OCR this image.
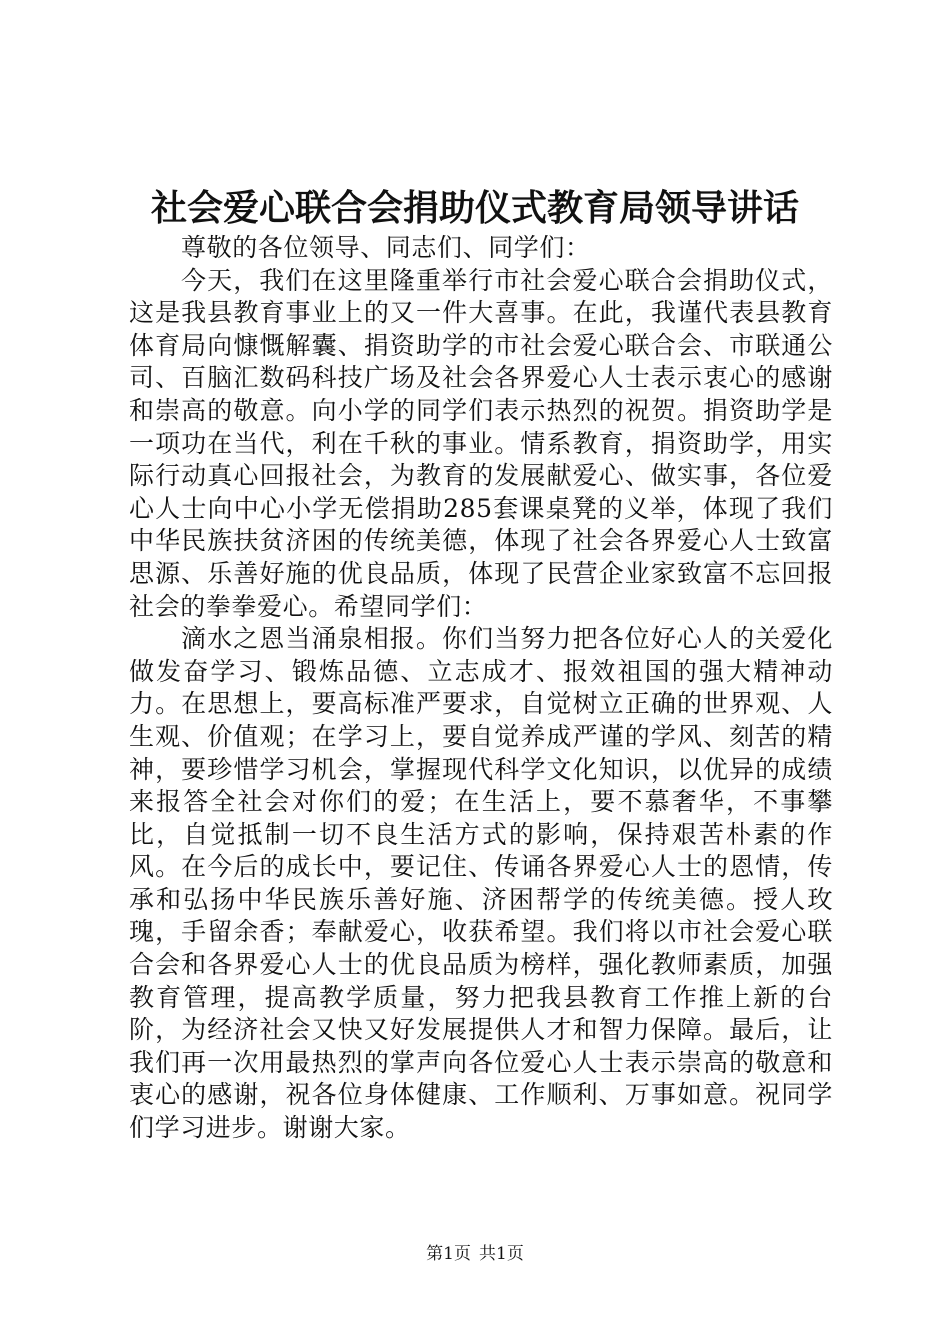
社会爱心联合会捐助仪式教育局领导讲话

尊敬的各位领导、同志们、同学们：

今天，我们在这里隆重举行市社会爱心联合会捐助仪式，这是我县教育事业上的又一件大喜事。在此，我谨代表县教育体育局向慷慨解囊、捐资助学的市社会爱心联合会、市联通公司、百脑汇数码科技广场及社会各界爱心人士表示衷心的感谢和崇高的敬意。向小学的同学们表示热烈的祝贺。捐资助学是一项功在当代，利在千秋的事业。情系教育，捐资助学，用实际行动真心回报社会，为教育的发展献爱心、做实事，各位爱心人士向中心小学无偿捐助285套课桌凳的义举，体现了我们中华民族扶贫济困的传统美德，体现了社会各界爱心人士致富思源、乐善好施的优良品质，体现了民营企业家致富不忘回报社会的拳拳爱心。希望同学们：

滴水之恩当涌泉相报。你们当努力把各位好心人的关爱化做发奋学习、锻炼品德、立志成才、报效祖国的强大精神动力。在思想上，要高标准严要求，自觉树立正确的世界观、人生观、价值观；在学习上，要自觉养成严谨的学风、刻苦的精神，要珍惜学习机会，掌握现代科学文化知识，以优异的成绩来报答全社会对你们的爱；在生活上，要不慕奢华，不事攀比，自觉抵制一切不良生活方式的影响，保持艰苦朴素的作风。在今后的成长中，要记住、传诵各界爱心人士的恩情，传承和弘扬中华民族乐善好施、济困帮学的传统美德。授人玫瑰，手留余香；奉献爱心，收获希望。我们将以市社会爱心联合会和各界爱心人士的优良品质为榜样，强化教师素质，加强教育管理，提高教学质量，努力把我县教育工作推上新的台阶，为经济社会又快又好发展提供人才和智力保障。最后，让我们再一次用最热烈的掌声向各位爱心人士表示崇高的敬意和衷心的感谢，祝各位身体健康、工作顺利、万事如意。祝同学们学习进步。谢谢大家。

第1页 共1页
